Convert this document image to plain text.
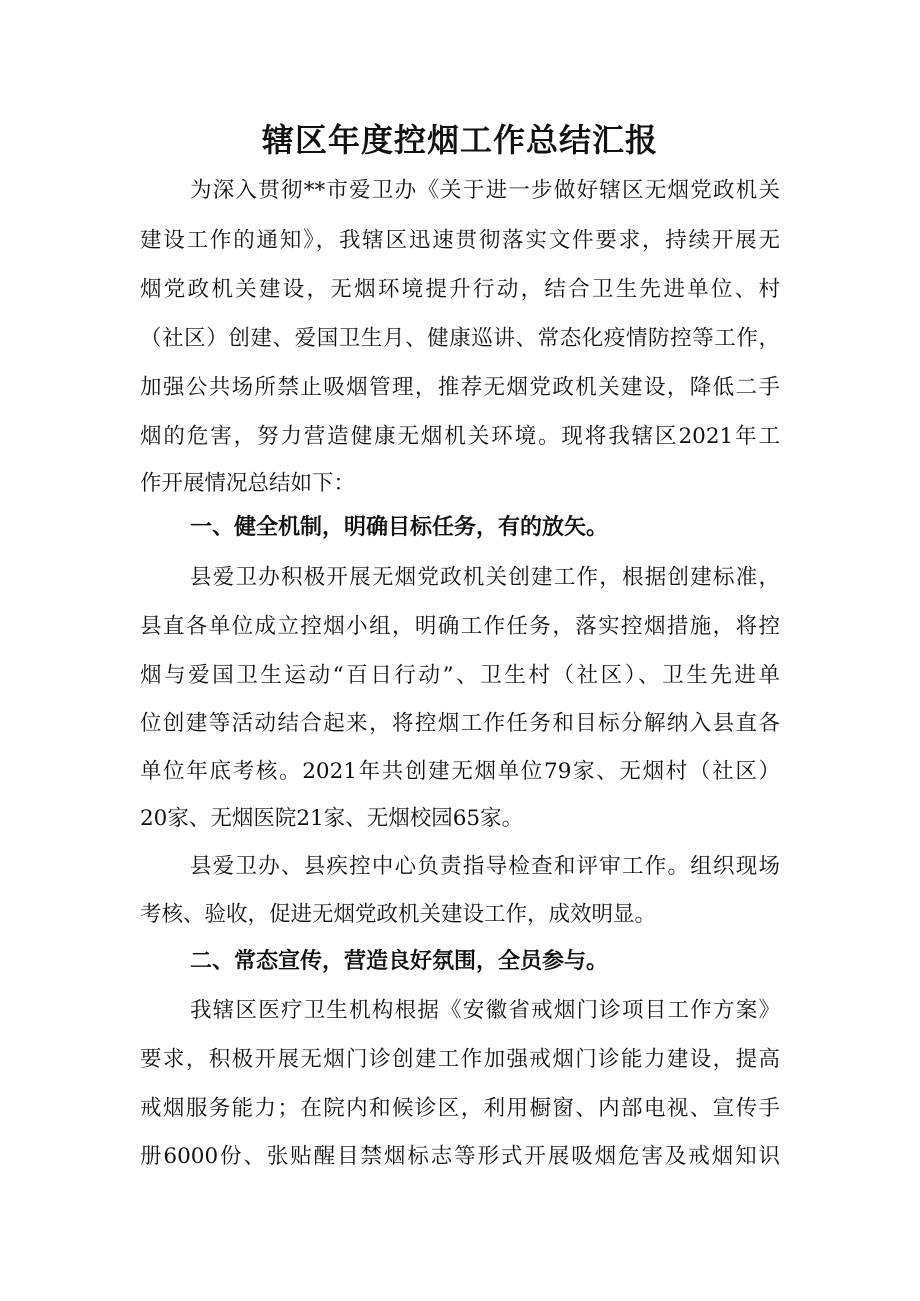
辖区年度控烟工作总结汇报
为深入贯彻**市爱卫办《关于进一步做好辖区无烟党政机关
建设工作的通知》，我辖区迅速贯彻落实文件要求，持续开展无
烟党政机关建设，无烟环境提升行动，结合卫生先进单位、村
（社区）创建、爱国卫生月、健康巡讲、常态化疫情防控等工作，
加强公共场所禁止吸烟管理，推荐无烟党政机关建设，降低二手
烟的危害，努力营造健康无烟机关环境。现将我辖区2021年工
作开展情况总结如下：
一、健全机制，明确目标任务，有的放矢。
县爱卫办积极开展无烟党政机关创建工作，根据创建标准，
县直各单位成立控烟小组，明确工作任务，落实控烟措施，将控
烟与爱国卫生运动“百日行动”、卫生村（社区）、卫生先进单
位创建等活动结合起来，将控烟工作任务和目标分解纳入县直各
单位年底考核。2021年共创建无烟单位79家、无烟村（社区）
20家、无烟医院21家、无烟校园65家。
县爱卫办、县疾控中心负责指导检查和评审工作。组织现场
考核、验收，促进无烟党政机关建设工作，成效明显。
二、常态宣传，营造良好氛围，全员参与。
我辖区医疗卫生机构根据《安徽省戒烟门诊项目工作方案》
要求，积极开展无烟门诊创建工作加强戒烟门诊能力建设，提高
戒烟服务能力；在院内和候诊区，利用橱窗、内部电视、宣传手
册6000份、张贴醒目禁烟标志等形式开展吸烟危害及戒烟知识
